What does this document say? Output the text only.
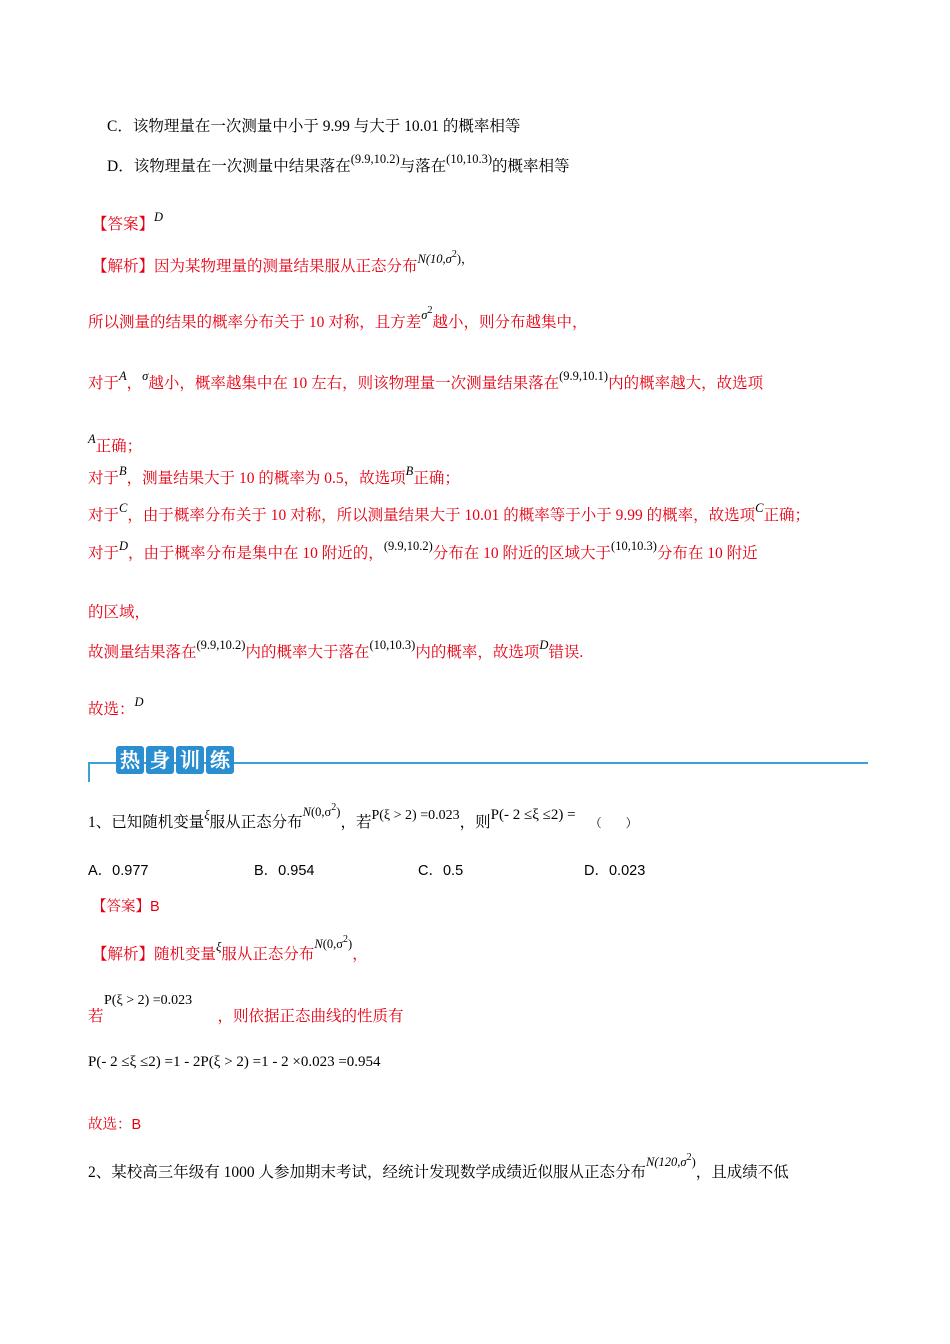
C．该物理量在一次测量中小于 9.99 与大于 10.01 的概率相等
D．该物理量在一次测量中结果落在$^{(9.9,10.2)}$与落在$^{(10,10.3)}$的概率相等
【答案】$^D$
【解析】因为某物理量的测量结果服从正态分布$^{N(10,\sigma^2),}$
所以测量的结果的概率分布关于 10 对称，且方差$^{\sigma 2}$越小，则分布越集中，
对于$^A$，$^\sigma$越小，概率越集中在 10 左右，则该物理量一次测量结果落在$^{(9.9,10.1)}$内的概率越大，故选项
$^A$正确；
对于$^B$，测量结果大于 10 的概率为 0.5，故选项$^B$正确；
对于$^C$，由于概率分布关于 10 对称，所以测量结果大于 10.01 的概率等于小于 9.99 的概率，故选项$^C$正确；
对于$^D$，由于概率分布是集中在 10 附近的，$^{(9.9,10.2)}$分布在 10 附近的区域大于$^{(10,10.3)}$分布在 10 附近
的区域，
故测量结果落在$^{(9.9,10.2)}$内的概率大于落在$^{(10,10.3)}$内的概率，故选项$^D$错误.
故选：$^D$
热 身 训 练
1、已知随机变量$^\xi$服从正态分布$^{N(0,\sigma^2)}$，若P(ξ > 2) =0.023，则P(- 2 ≤ξ ≤2) = （　　）
A．0.977	B．0.954	C．0.5	D．0.023
【答案】B
【解析】随机变量$^\xi$服从正态分布$^{N(0,\sigma^2)}$，
P(ξ > 2) =0.023
若	，则依据正态曲线的性质有
P(- 2 ≤ξ ≤2) =1 - 2P(ξ > 2) =1 - 2 ×0.023 =0.954
故选：B
2、某校高三年级有 1000 人参加期末考试，经统计发现数学成绩近似服从正态分布$^{N(120,\sigma^2)}$，且成绩不低
